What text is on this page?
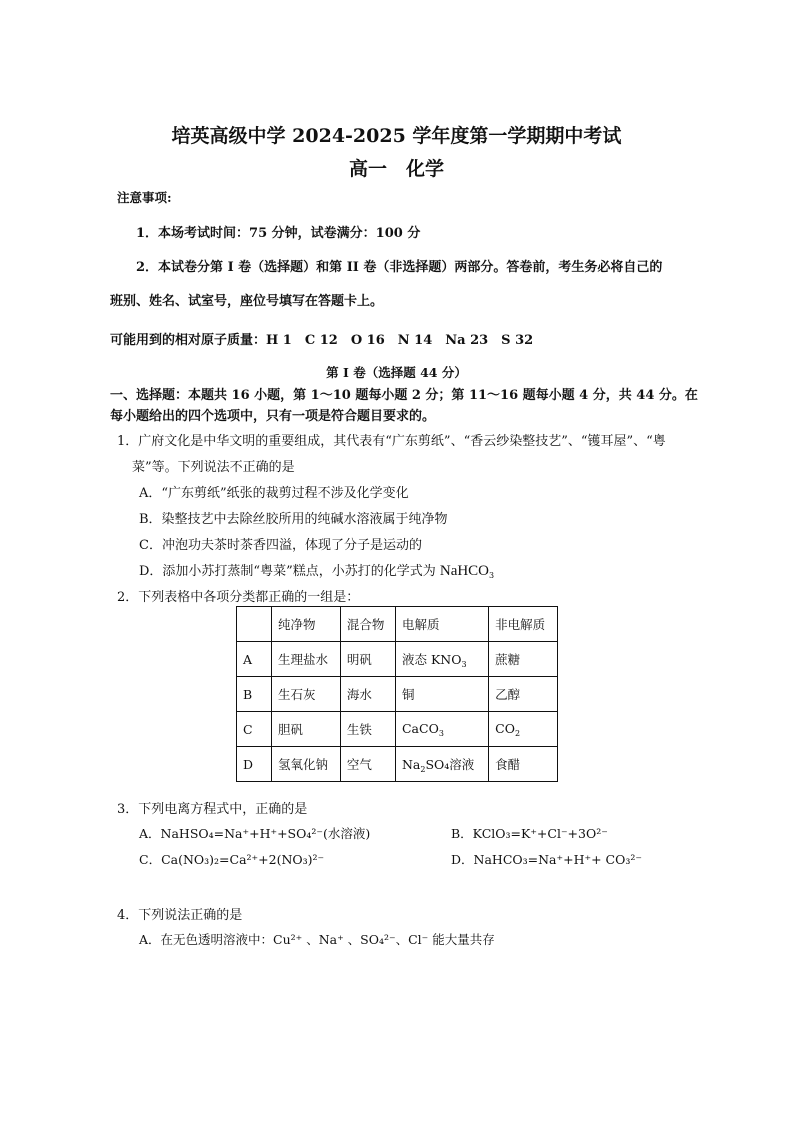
培英高级中学 2024-2025 学年度第一学期期中考试
高一　化学
注意事项:
1．本场考试时间：75 分钟，试卷满分：100 分
2．本试卷分第 I 卷（选择题）和第 II 卷（非选择题）两部分。答卷前，考生务必将自己的
班别、姓名、试室号，座位号填写在答题卡上。
可能用到的相对原子质量：H 1　C 12　O 16　N 14　Na 23　S 32
第 I 卷（选择题 44 分）
一、选择题：本题共 16 小题，第 1～10 题每小题 2 分；第 11～16 题每小题 4 分，共 44 分。在
每小题给出的四个选项中，只有一项是符合题目要求的。
1．广府文化是中华文明的重要组成，其代表有“广东剪纸”、“香云纱染整技艺”、“镬耳屋”、“粤
菜”等。下列说法不正确的是
A．“广东剪纸”纸张的裁剪过程不涉及化学变化
B．染整技艺中去除丝胶所用的纯碱水溶液属于纯净物
C．冲泡功夫茶时茶香四溢，体现了分子是运动的
D．添加小苏打蒸制“粤菜”糕点，小苏打的化学式为 NaHCO$_3$
2．下列表格中各项分类都正确的一组是：
	纯净物	混合物	电解质	非电解质
A	生理盐水	明矾	液态 $KNO_3$	蔗糖
B	生石灰	海水	铜	乙醇
C	胆矾	生铁	CaCO$_3$	$CO_2$
D	氢氧化钠	空气	$Na_2SO_4$溶液	食醋
3．下列电离方程式中，正确的是
A．NaHSO₄=Na⁺+H⁺+SO₄²⁻(水溶液)	B．KClO₃=K⁺+Cl⁻+3O²⁻
C．Ca(NO₃)₂=Ca²⁺+2(NO₃)²⁻	D．NaHCO₃=Na⁺+H⁺+ CO₃²⁻
4．下列说法正确的是
A．在无色透明溶液中：Cu²⁺ 、Na⁺ 、SO₄²⁻、Cl⁻ 能大量共存
